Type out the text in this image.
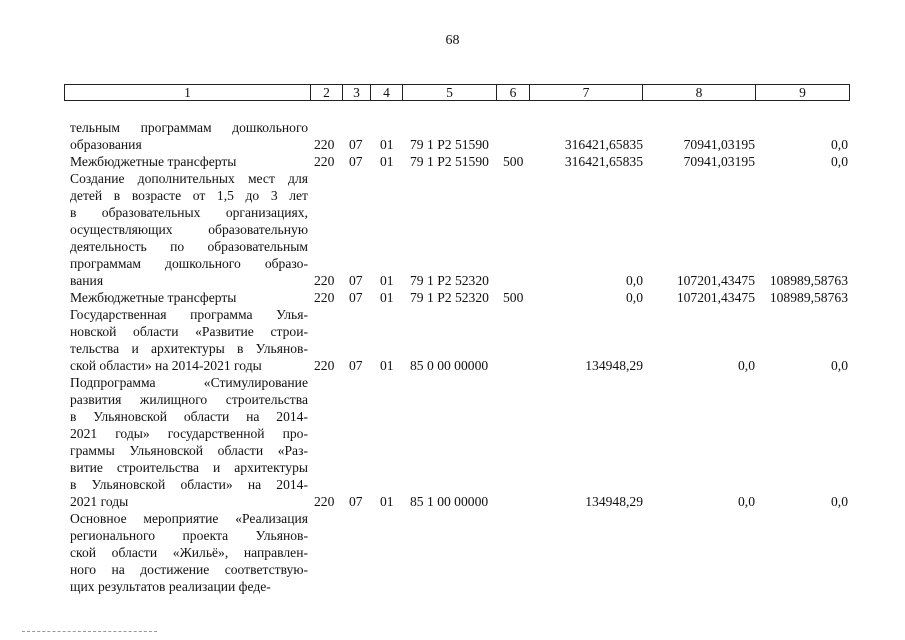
68
1	2	3	4	5	6	7	8	9
тельным программам дошкольного
образования	220 07 01 79 1 Р2 51590	316421,65835	70941,03195	0,0
Межбюджетные трансферты	220 07 01 79 1 Р2 51590 500	316421,65835	70941,03195	0,0
Создание дополнительных мест для
детей в возрасте от 1,5 до 3 лет
в образовательных организациях,
осуществляющих образовательную
деятельность по образовательным
программам дошкольного образо-
вания	220 07 01 79 1 Р2 52320	0,0 107201,43475 108989,58763
Межбюджетные трансферты	220 07 01 79 1 Р2 52320 500	0,0 107201,43475 108989,58763
Государственная программа Улья-
новской области «Развитие строи-
тельства и архитектуры в Ульянов-
ской области» на 2014-2021 годы	220 07 01 85 0 00 00000	134948,29	0,0	0,0
Подпрограмма «Стимулирование
развития жилищного строительства
в Ульяновской области на 2014-
2021 годы» государственной про-
граммы Ульяновской области «Раз-
витие строительства и архитектуры
в Ульяновской области» на 2014-
2021 годы	220 07 01 85 1 00 00000	134948,29	0,0	0,0
Основное мероприятие «Реализация
регионального проекта Ульянов-
ской области «Жильё», направлен-
ного на достижение соответствую-
щих результатов реализации феде-
